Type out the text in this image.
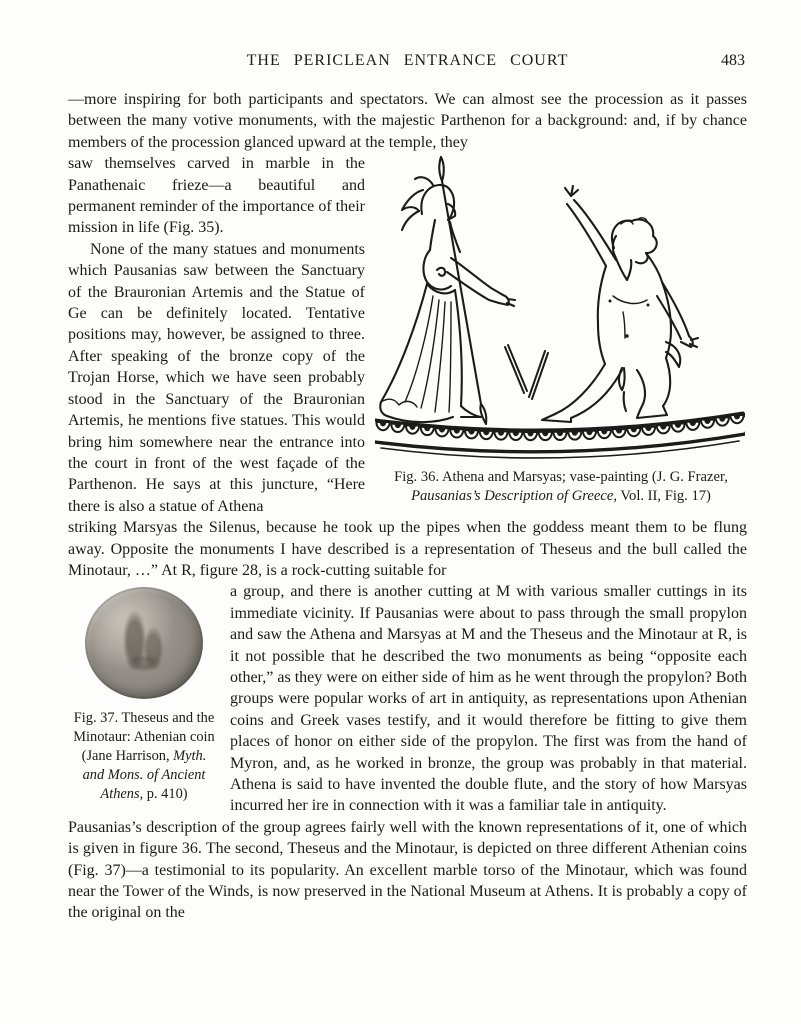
THE PERICLEAN ENTRANCE COURT	483

—more inspiring for both participants and spectators. We can almost see the procession as it passes between the many votive monuments, with the majestic Parthenon for a background: and, if by chance members of the procession glanced upward at the temple, they

Fig. 36. Athena and Marsyas; vase-painting (J. G. Frazer, Pausanias’s Description of Greece, Vol. II, Fig. 17)

saw themselves carved in marble in the Panathenaic frieze—a beautiful and permanent reminder of the importance of their mission in life (Fig. 35).

None of the many statues and monuments which Pausanias saw between the Sanctuary of the Brauronian Artemis and the Statue of Ge can be definitely located. Tentative positions may, however, be assigned to three. After speaking of the bronze copy of the Trojan Horse, which we have seen probably stood in the Sanctuary of the Brauronian Artemis, he mentions five statues. This would bring him somewhere near the entrance into the court in front of the west façade of the Parthenon. He says at this juncture, “Here there is also a statue of Athena

striking Marsyas the Silenus, because he took up the pipes when the goddess meant them to be flung away. Opposite the monuments I have described is a representation of Theseus and the bull called the Minotaur, …” At R, figure 28, is a rock-cutting suitable for

Fig. 37. Theseus and the Minotaur: Athenian coin (Jane Harrison, Myth. and Mons. of Ancient Athens, p. 410)

a group, and there is another cutting at M with various smaller cuttings in its immediate vicinity. If Pausanias were about to pass through the small propylon and saw the Athena and Marsyas at M and the Theseus and the Minotaur at R, is it not possible that he described the two monuments as being “opposite each other,” as they were on either side of him as he went through the propylon? Both groups were popular works of art in antiquity, as representations upon Athenian coins and Greek vases testify, and it would therefore be fitting to give them places of honor on either side of the propylon. The first was from the hand of Myron, and, as he worked in bronze, the group was probably in that material. Athena is said to have invented the double flute, and the story of how Marsyas incurred her ire in connection with it was a familiar tale in antiquity.

Pausanias’s description of the group agrees fairly well with the known representations of it, one of which is given in figure 36. The second, Theseus and the Minotaur, is depicted on three different Athenian coins (Fig. 37)—a testimonial to its popularity. An excellent marble torso of the Minotaur, which was found near the Tower of the Winds, is now preserved in the National Museum at Athens. It is probably a copy of the original on the
